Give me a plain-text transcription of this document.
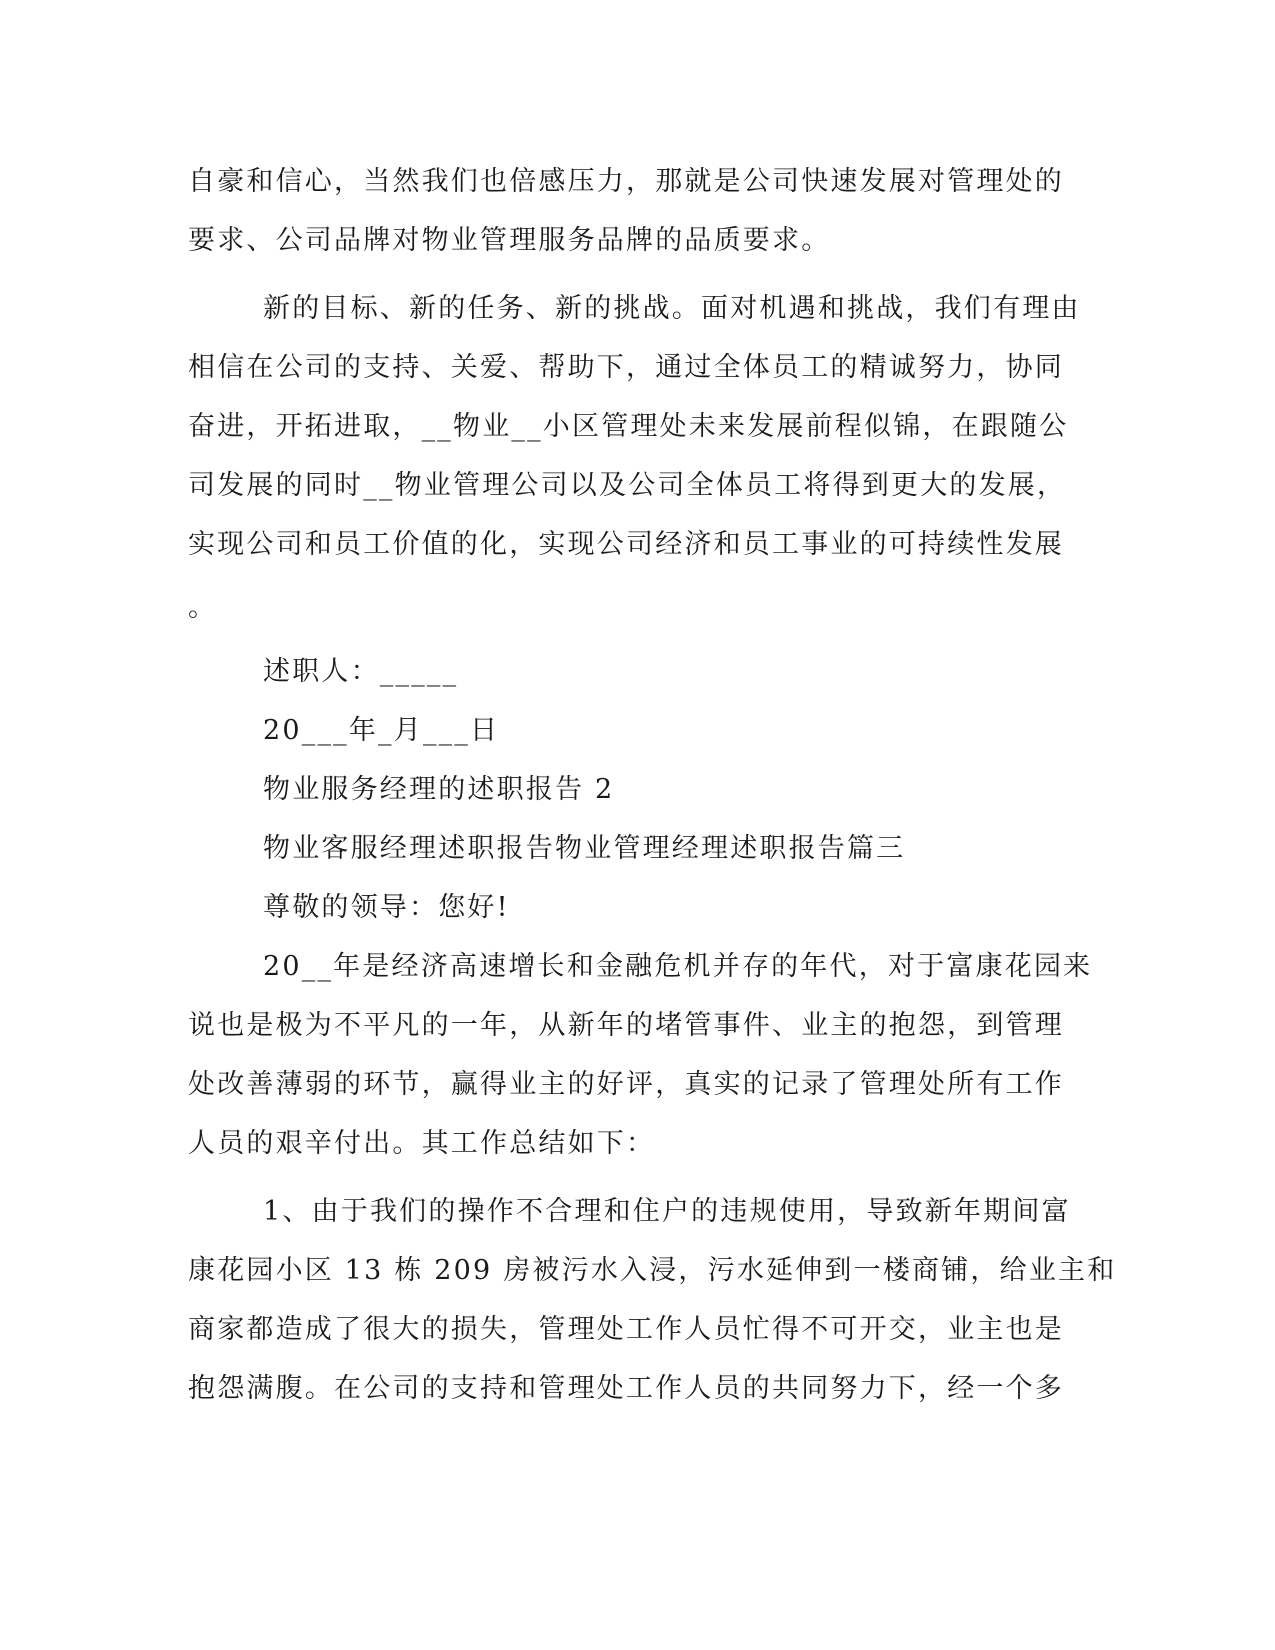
自豪和信心，当然我们也倍感压力，那就是公司快速发展对管理处的
要求、公司品牌对物业管理服务品牌的品质要求。
新的目标、新的任务、新的挑战。面对机遇和挑战，我们有理由
相信在公司的支持、关爱、帮助下，通过全体员工的精诚努力，协同
奋进，开拓进取，__物业__小区管理处未来发展前程似锦，在跟随公
司发展的同时__物业管理公司以及公司全体员工将得到更大的发展，
实现公司和员工价值的化，实现公司经济和员工事业的可持续性发展
。
述职人：_____
20___年_月___日
物业服务经理的述职报告 2
物业客服经理述职报告物业管理经理述职报告篇三
尊敬的领导：您好!
20__年是经济高速增长和金融危机并存的年代，对于富康花园来
说也是极为不平凡的一年，从新年的堵管事件、业主的抱怨，到管理
处改善薄弱的环节，赢得业主的好评，真实的记录了管理处所有工作
人员的艰辛付出。其工作总结如下：
1、由于我们的操作不合理和住户的违规使用，导致新年期间富
康花园小区 13 栋 209 房被污水入浸，污水延伸到一楼商铺，给业主和
商家都造成了很大的损失，管理处工作人员忙得不可开交，业主也是
抱怨满腹。在公司的支持和管理处工作人员的共同努力下，经一个多
